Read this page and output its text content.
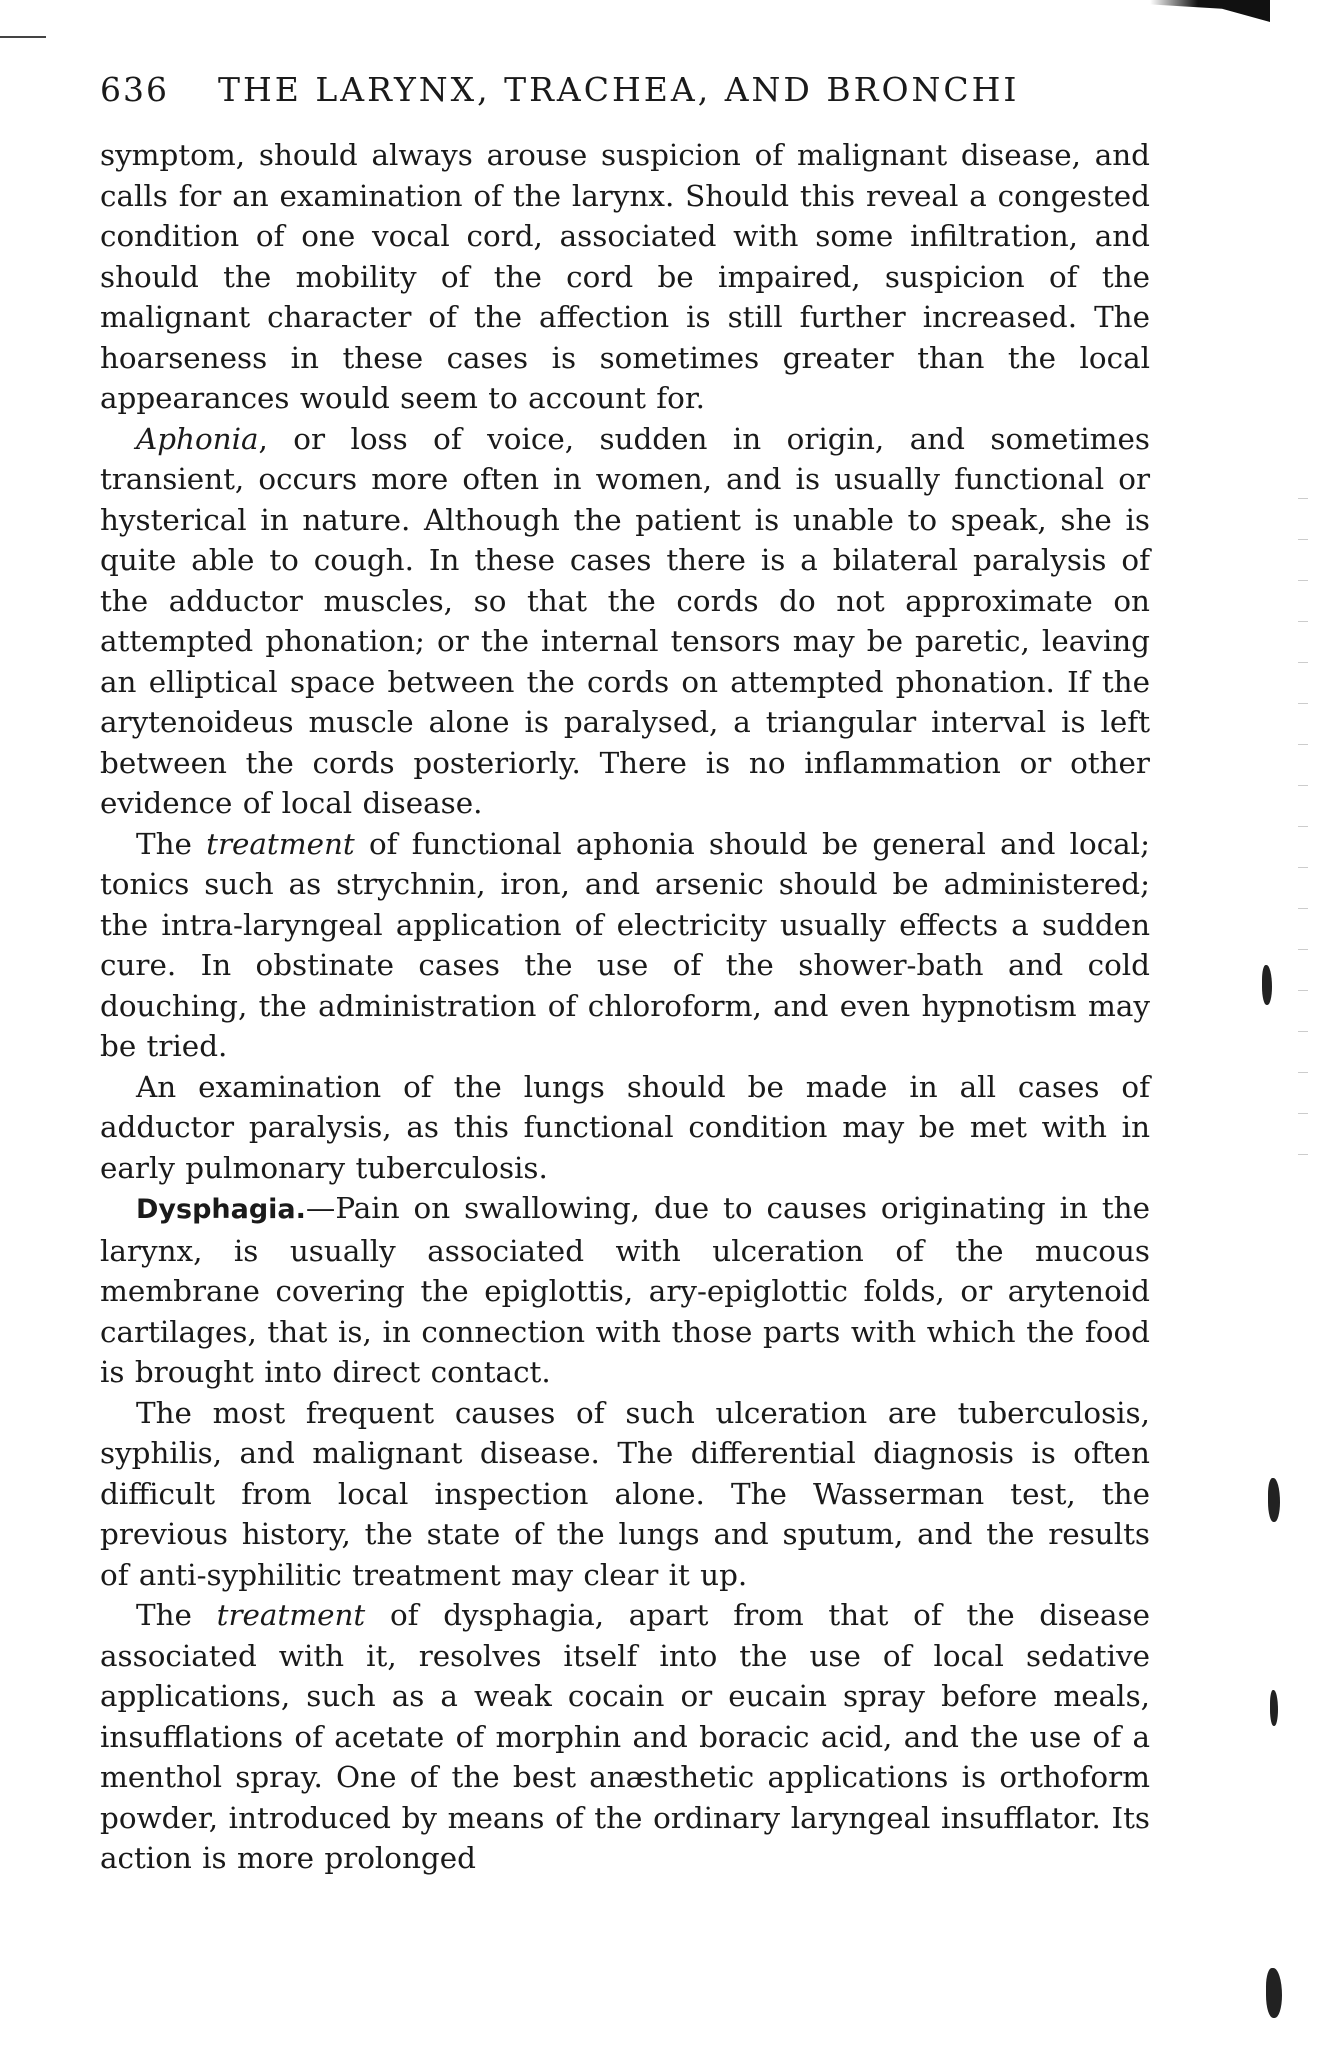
636	THE LARYNX, TRACHEA, AND BRONCHI

symptom, should always arouse suspicion of malignant disease, and calls for an examination of the larynx. Should this reveal a congested condition of one vocal cord, associated with some infiltration, and should the mobility of the cord be impaired, suspicion of the malignant character of the affection is still further increased. The hoarseness in these cases is sometimes greater than the local appearances would seem to account for.

Aphonia, or loss of voice, sudden in origin, and sometimes transient, occurs more often in women, and is usually functional or hysterical in nature. Although the patient is unable to speak, she is quite able to cough. In these cases there is a bilateral paralysis of the adductor muscles, so that the cords do not approximate on attempted phonation; or the internal tensors may be paretic, leaving an elliptical space between the cords on attempted phonation. If the arytenoideus muscle alone is paralysed, a triangular interval is left between the cords posteriorly. There is no inflammation or other evidence of local disease.

The treatment of functional aphonia should be general and local; tonics such as strychnin, iron, and arsenic should be administered; the intra-laryngeal application of electricity usually effects a sudden cure. In obstinate cases the use of the shower-bath and cold douching, the administration of chloroform, and even hypnotism may be tried.

An examination of the lungs should be made in all cases of adductor paralysis, as this functional condition may be met with in early pulmonary tuberculosis.

Dysphagia.—Pain on swallowing, due to causes originating in the larynx, is usually associated with ulceration of the mucous membrane covering the epiglottis, ary-epiglottic folds, or arytenoid cartilages, that is, in connection with those parts with which the food is brought into direct contact.

The most frequent causes of such ulceration are tuberculosis, syphilis, and malignant disease. The differential diagnosis is often difficult from local inspection alone. The Wasserman test, the previous history, the state of the lungs and sputum, and the results of anti-syphilitic treatment may clear it up.

The treatment of dysphagia, apart from that of the disease associated with it, resolves itself into the use of local sedative applications, such as a weak cocain or eucain spray before meals, insufflations of acetate of morphin and boracic acid, and the use of a menthol spray. One of the best anæsthetic applications is orthoform powder, introduced by means of the ordinary laryngeal insufflator. Its action is more prolonged
